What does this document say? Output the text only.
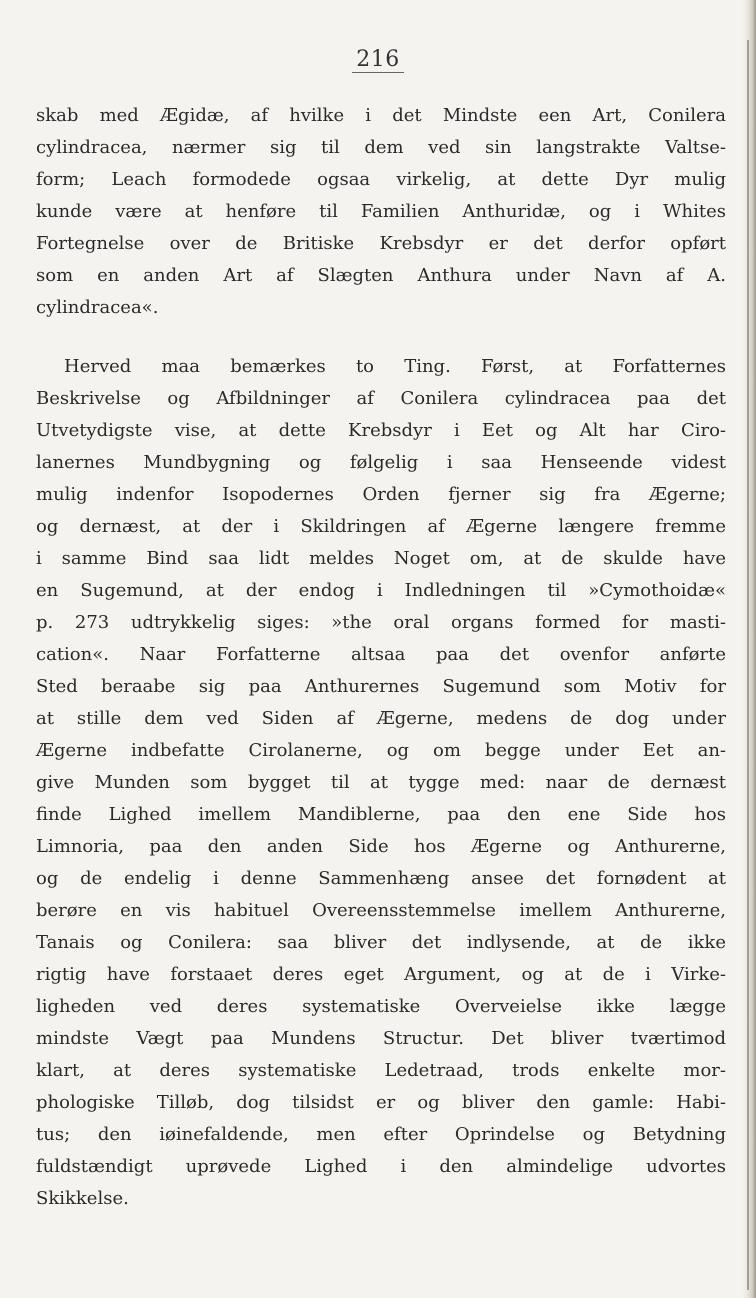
216
skab med Ægidæ, af hvilke i det Mindste een Art, Conilera
cylindracea, nærmer sig til dem ved sin langstrakte Valtse-
form; Leach formodede ogsaa virkelig, at dette Dyr mulig
kunde være at henføre til Familien Anthuridæ, og i Whites
Fortegnelse over de Britiske Krebsdyr er det derfor opført
som en anden Art af Slægten Anthura under Navn af A.
cylindracea«.
Herved maa bemærkes to Ting. Først, at Forfatternes
Beskrivelse og Afbildninger af Conilera cylindracea paa det
Utvetydigste vise, at dette Krebsdyr i Eet og Alt har Ciro-
lanernes Mundbygning og følgelig i saa Henseende videst
mulig indenfor Isopodernes Orden fjerner sig fra Ægerne;
og dernæst, at der i Skildringen af Ægerne længere fremme
i samme Bind saa lidt meldes Noget om, at de skulde have
en Sugemund, at der endog i Indledningen til »Cymothoidæ«
p. 273 udtrykkelig siges: »the oral organs formed for masti-
cation«. Naar Forfatterne altsaa paa det ovenfor anførte
Sted beraabe sig paa Anthurernes Sugemund som Motiv for
at stille dem ved Siden af Ægerne, medens de dog under
Ægerne indbefatte Cirolanerne, og om begge under Eet an-
give Munden som bygget til at tygge med: naar de dernæst
finde Lighed imellem Mandiblerne, paa den ene Side hos
Limnoria, paa den anden Side hos Ægerne og Anthurerne,
og de endelig i denne Sammenhæng ansee det fornødent at
berøre en vis habituel Overeensstemmelse imellem Anthurerne,
Tanais og Conilera: saa bliver det indlysende, at de ikke
rigtig have forstaaet deres eget Argument, og at de i Virke-
ligheden ved deres systematiske Overveielse ikke lægge
mindste Vægt paa Mundens Structur. Det bliver tværtimod
klart, at deres systematiske Ledetraad, trods enkelte mor-
phologiske Tilløb, dog tilsidst er og bliver den gamle: Habi-
tus; den iøinefaldende, men efter Oprindelse og Betydning
fuldstændigt uprøvede Lighed i den almindelige udvortes
Skikkelse.
